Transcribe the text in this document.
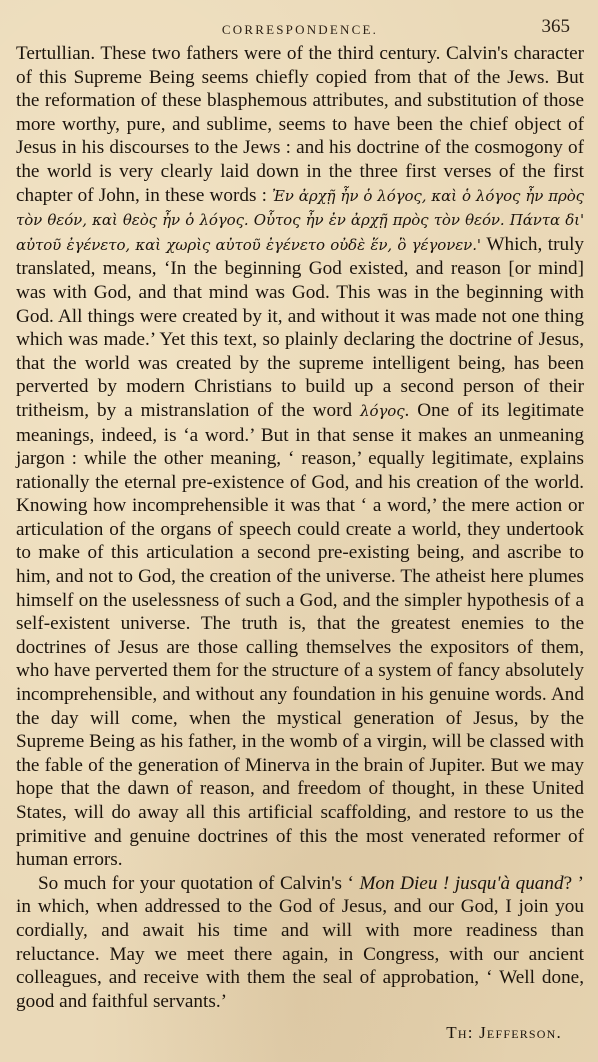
CORRESPONDENCE.	365

Tertullian. These two fathers were of the third century. Calvin's character of this Supreme Being seems chiefly copied from that of the Jews. But the reformation of these blasphemous attributes, and substitution of those more worthy, pure, and sublime, seems to have been the chief object of Jesus in his discourses to the Jews : and his doctrine of the cosmogony of the world is very clearly laid down in the three first verses of the first chapter of John, in these words : Ἐν ἀρχῇ ἦν ὁ λόγος, καὶ ὁ λόγος ἦν πρὸς τὸν θεόν, καὶ θεὸς ἦν ὁ λόγος. Οὗτος ἦν ἐν ἀρχῇ πρὸς τὸν θεόν. Πάντα δι' αὐτοῦ ἐγένετο, καὶ χωρὶς αὐτοῦ ἐγένετο οὐδὲ ἕν, ὃ γέγονεν.' Which, truly translated, means, ‘In the beginning God existed, and reason [or mind] was with God, and that mind was God. This was in the beginning with God. All things were created by it, and without it was made not one thing which was made.’ Yet this text, so plainly declaring the doctrine of Jesus, that the world was created by the supreme intelligent being, has been perverted by modern Christians to build up a second person of their tritheism, by a mistranslation of the word λόγος. One of its legitimate meanings, indeed, is ‘a word.’ But in that sense it makes an unmeaning jargon : while the other meaning, ‘ reason,’ equally legitimate, explains rationally the eternal pre-existence of God, and his creation of the world. Knowing how incomprehensible it was that ‘ a word,’ the mere action or articulation of the organs of speech could create a world, they undertook to make of this articulation a second pre-existing being, and ascribe to him, and not to God, the creation of the universe. The atheist here plumes himself on the uselessness of such a God, and the simpler hypothesis of a self-existent universe. The truth is, that the greatest enemies to the doctrines of Jesus are those calling themselves the expositors of them, who have perverted them for the structure of a system of fancy absolutely incomprehensible, and without any foundation in his genuine words. And the day will come, when the mystical generation of Jesus, by the Supreme Being as his father, in the womb of a virgin, will be classed with the fable of the generation of Minerva in the brain of Jupiter. But we may hope that the dawn of reason, and freedom of thought, in these United States, will do away all this artificial scaffolding, and restore to us the primitive and genuine doctrines of this the most venerated reformer of human errors.

So much for your quotation of Calvin's ‘ Mon Dieu ! jusqu'à quand? ’ in which, when addressed to the God of Jesus, and our God, I join you cordially, and await his time and will with more readiness than reluctance. May we meet there again, in Congress, with our ancient colleagues, and receive with them the seal of approbation, ‘ Well done, good and faithful servants.’

Th: Jefferson.
